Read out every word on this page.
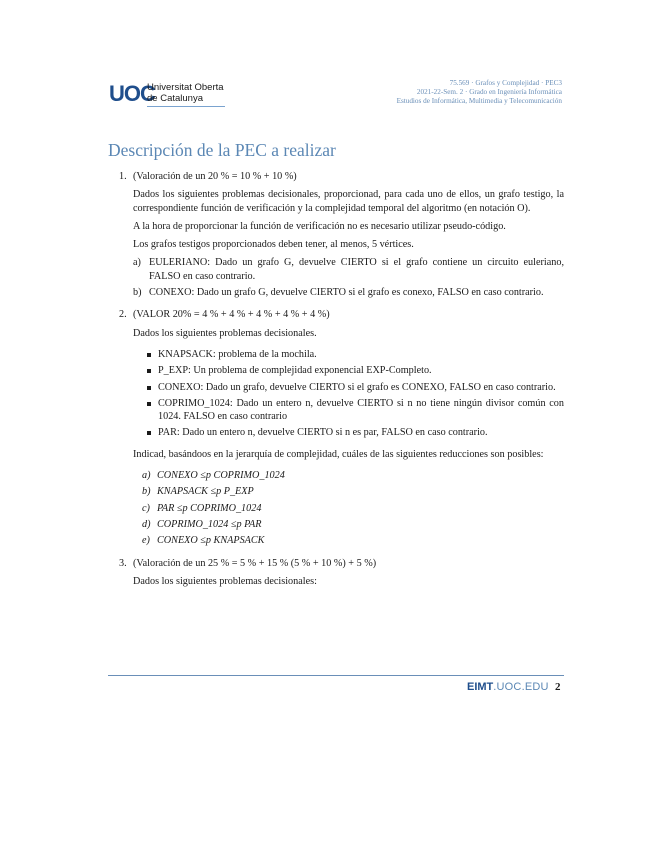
UOC
Universitat Oberta
de Catalunya
75.569 · Grafos y Complejidad · PEC3
2021-22-Sem. 2 · Grado en Ingeniería Informática
Estudios de Informática, Multimedia y Telecomunicación
Descripción de la PEC a realizar
1. (Valoración de un 20 % = 10 % + 10 %)

Dados los siguientes problemas decisionales, proporcionad, para cada uno de ellos, un grafo testigo, la correspondiente función de verificación y la complejidad temporal del algoritmo (en notación O).

A la hora de proporcionar la función de verificación no es necesario utilizar pseudo-código.

Los grafos testigos proporcionados deben tener, al menos, 5 vértices.

a) EULERIANO: Dado un grafo G, devuelve CIERTO si el grafo contiene un circuito euleriano, FALSO en caso contrario.
b) CONEXO: Dado un grafo G, devuelve CIERTO si el grafo es conexo, FALSO en caso contrario.
2. (VALOR 20% = 4 % + 4 % + 4 % + 4 % + 4 %)

Dados los siguientes problemas decisionales.

KNAPSACK: problema de la mochila.
P_EXP: Un problema de complejidad exponencial EXP-Completo.
CONEXO: Dado un grafo, devuelve CIERTO si el grafo es CONEXO, FALSO en caso contrario.
COPRIMO_1024: Dado un entero n, devuelve CIERTO si n no tiene ningún divisor común con 1024. FALSO en caso contrario
PAR: Dado un entero n, devuelve CIERTO si n es par, FALSO en caso contrario.

Indicad, basándoos en la jerarquía de complejidad, cuáles de las siguientes reducciones son posibles:

a) CONEXO ≤p COPRIMO_1024
b) KNAPSACK ≤p P_EXP
c) PAR ≤p COPRIMO_1024
d) COPRIMO_1024 ≤p PAR
e) CONEXO ≤p KNAPSACK
3. (Valoración de un 25 % = 5 % + 15 % (5 % + 10 %) + 5 %)

Dados los siguientes problemas decisionales:

EIMT.UOC.EDU 2
